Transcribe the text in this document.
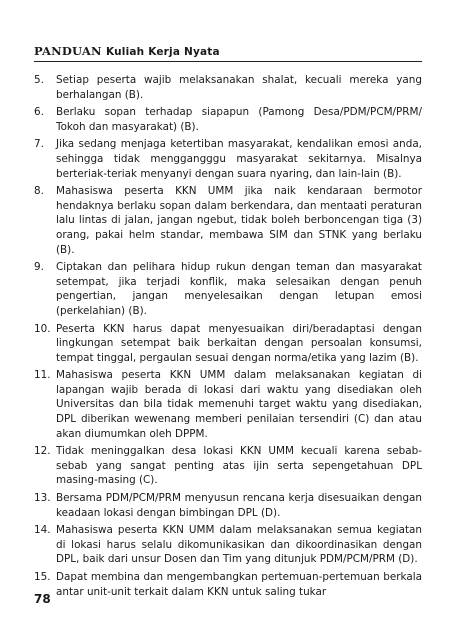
PANDUAN Kuliah Kerja Nyata
5.	Setiap peserta wajib melaksanakan shalat, kecuali mereka yang berhalangan (B).
6.	Berlaku sopan terhadap siapapun (Pamong Desa/PDM/PCM/PRM/ Tokoh dan masyarakat) (B).
7.	Jika sedang menjaga ketertiban masyarakat, kendalikan emosi anda, sehingga tidak menggangggu masyarakat sekitarnya. Misalnya berteriak-teriak menyanyi dengan suara nyaring, dan lain-lain (B).
8.	Mahasiswa peserta KKN UMM jika naik kendaraan bermotor hendaknya berlaku sopan dalam berkendara, dan mentaati peraturan lalu lintas di jalan, jangan ngebut, tidak boleh berboncengan tiga (3) orang, pakai helm standar, membawa SIM dan STNK yang berlaku (B).
9.	Ciptakan dan pelihara hidup rukun dengan teman dan masyarakat setempat, jika terjadi konflik, maka selesaikan dengan penuh pengertian, jangan menyelesaikan dengan letupan emosi (perkelahian) (B).
10. Peserta KKN harus dapat menyesuaikan diri/beradaptasi dengan lingkungan setempat baik berkaitan dengan persoalan konsumsi, tempat tinggal, pergaulan sesuai dengan norma/etika yang lazim (B).
11. Mahasiswa peserta KKN UMM dalam melaksanakan kegiatan di lapangan wajib berada di lokasi dari waktu yang disediakan oleh Universitas dan bila tidak memenuhi target waktu yang disediakan, DPL diberikan wewenang memberi penilaian tersendiri (C) dan atau akan diumumkan oleh DPPM.
12. Tidak meninggalkan desa lokasi KKN UMM kecuali karena sebab-sebab yang sangat penting atas ijin serta sepengetahuan DPL masing-masing (C).
13. Bersama PDM/PCM/PRM menyusun rencana kerja disesuaikan dengan keadaan lokasi dengan bimbingan DPL (D).
14. Mahasiswa peserta KKN UMM dalam melaksanakan semua kegiatan di lokasi harus selalu dikomunikasikan dan dikoordinasikan dengan DPL, baik dari unsur Dosen dan Tim yang ditunjuk PDM/PCM/PRM (D).
15. Dapat membina dan mengembangkan pertemuan-pertemuan berkala antar unit-unit terkait dalam KKN untuk saling tukar
78
